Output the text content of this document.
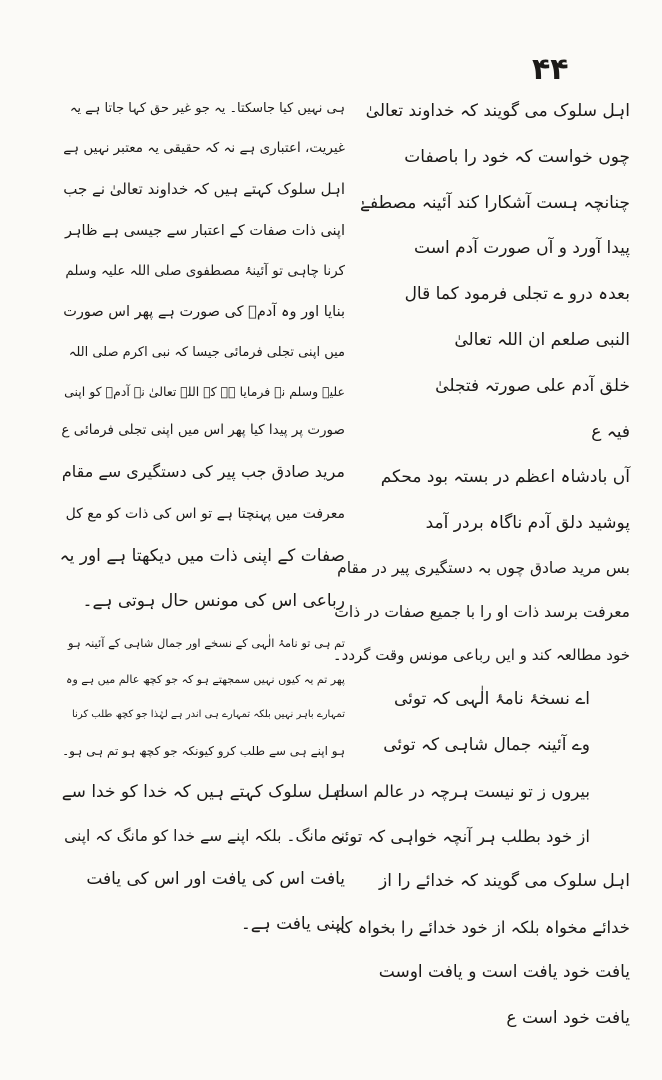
۴۴
اہل سلوک می گویند کہ خداوند تعالیٰ
چوں خواست کہ خود را باصفات
چنانچہ ہست آشکارا کند آئینہ مصطفےٰ
پیدا آورد و آں صورت آدم است
بعدہ درو ے تجلی فرمود کما قال
النبی صلعم ان اللہ تعالیٰ
خلق آدم علی صورتہ فتجلیٰ
فیہ ع
آں بادشاہ اعظم در بستہ بود محکم
پوشید دلق آدم ناگاہ بردر آمد
بس مرید صادق چوں بہ دستگیری پیر در مقام
معرفت برسد ذات او را با جمیع صفات در ذات
خود مطالعہ کند و ایں رباعی مونس وقت گردد۔
اے نسخۂ نامۂ الٰہی کہ توئی
وے آئینہ جمال شاہی کہ توئی
بیروں ز تو نیست ہرچہ در عالم است
از خود بطلب ہر آنچہ خواہی کہ توئی
اہل سلوک می گویند کہ خدائے را از
خدائے مخواہ بلکہ از خود خدائے را بخواہ کہ
یافت خود یافت است و یافت اوست
یافت خود است ع
ہی نہیں کیا جاسکتا۔ یہ جو غیر حق کہا جاتا ہے یہ
غیریت، اعتباری ہے نہ کہ حقیقی یہ معتبر نہیں ہے
اہل سلوک کہتے ہیں کہ خداوند تعالیٰ نے جب
اپنی ذات صفات کے اعتبار سے جیسی ہے ظاہر
کرنا چاہی تو آئینۂ مصطفوی صلی اللہ علیہ وسلم
بنایا اور وہ آدمؑ کی صورت ہے پھر اس صورت
میں اپنی تجلی فرمائی جیسا کہ نبی اکرم صلی اللہ
علیہ وسلم نے فرمایا ہے کہ اللہ تعالیٰ نے آدمؑ کو اپنی
صورت پر پیدا کیا پھر اس میں اپنی تجلی فرمائی ع
مرید صادق جب پیر کی دستگیری سے مقام
معرفت میں پہنچتا ہے تو اس کی ذات کو مع کل
صفات کے اپنی ذات میں دیکھتا ہے اور یہ
رباعی اس کی مونس حال ہوتی ہے۔
تم ہی تو نامۂ الٰہی کے نسخے اور جمال شاہی کے آئینہ ہو
پھر تم یہ کیوں نہیں سمجھتے ہو کہ جو کچھ عالم میں ہے وہ
تمہارے باہر نہیں بلکہ تمہارے ہی اندر ہے لہٰذا جو کچھ طلب کرنا
ہو اپنے ہی سے طلب کرو کیونکہ جو کچھ ہو تم ہی ہو۔
اہل سلوک کہتے ہیں کہ خدا کو خدا سے
نہ مانگ۔ بلکہ اپنے سے خدا کو مانگ کہ اپنی
یافت اس کی یافت اور اس کی یافت
اپنی یافت ہے۔
